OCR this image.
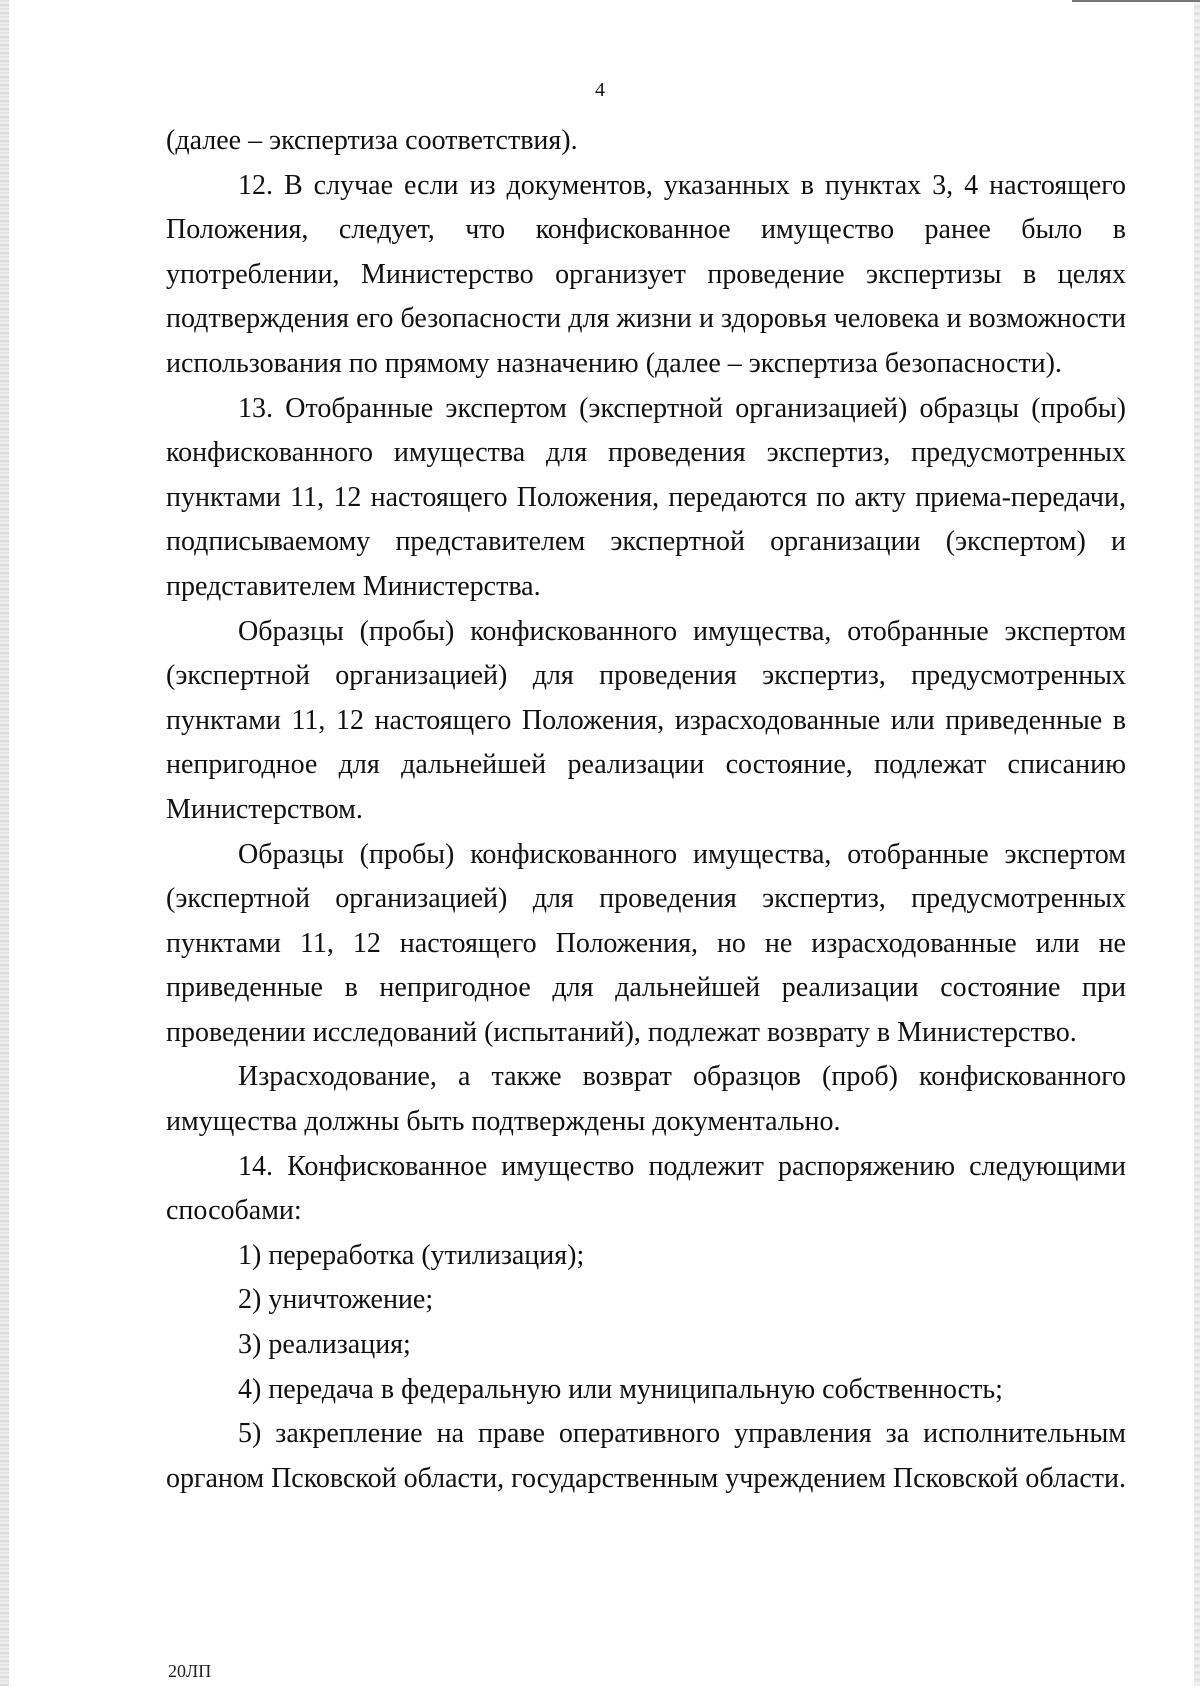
4

(далее – экспертиза соответствия).

12. В случае если из документов, указанных в пунктах 3, 4 настоящего Положения, следует, что конфискованное имущество ранее было в употреблении, Министерство организует проведение экспертизы в целях подтверждения его безопасности для жизни и здоровья человека и возможности использования по прямому назначению (далее – экспертиза безопасности).

13. Отобранные экспертом (экспертной организацией) образцы (пробы) конфискованного имущества для проведения экспертиз, предусмотренных пунктами 11, 12 настоящего Положения, передаются по акту приема-передачи, подписываемому представителем экспертной организации (экспертом) и представителем Министерства.

Образцы (пробы) конфискованного имущества, отобранные экспертом (экспертной организацией) для проведения экспертиз, предусмотренных пунктами 11, 12 настоящего Положения, израсходованные или приведенные в непригодное для дальнейшей реализации состояние, подлежат списанию Министерством.

Образцы (пробы) конфискованного имущества, отобранные экспертом (экспертной организацией) для проведения экспертиз, предусмотренных пунктами 11, 12 настоящего Положения, но не израсходованные или не приведенные в непригодное для дальнейшей реализации состояние при проведении исследований (испытаний), подлежат возврату в Министерство.

Израсходование, а также возврат образцов (проб) конфискованного имущества должны быть подтверждены документально.

14. Конфискованное имущество подлежит распоряжению следующими способами:

1) переработка (утилизация);

2) уничтожение;

3) реализация;

4) передача в федеральную или муниципальную собственность;

5) закрепление на праве оперативного управления за исполнительным органом Псковской области, государственным учреждением Псковской области.

20ЛП
